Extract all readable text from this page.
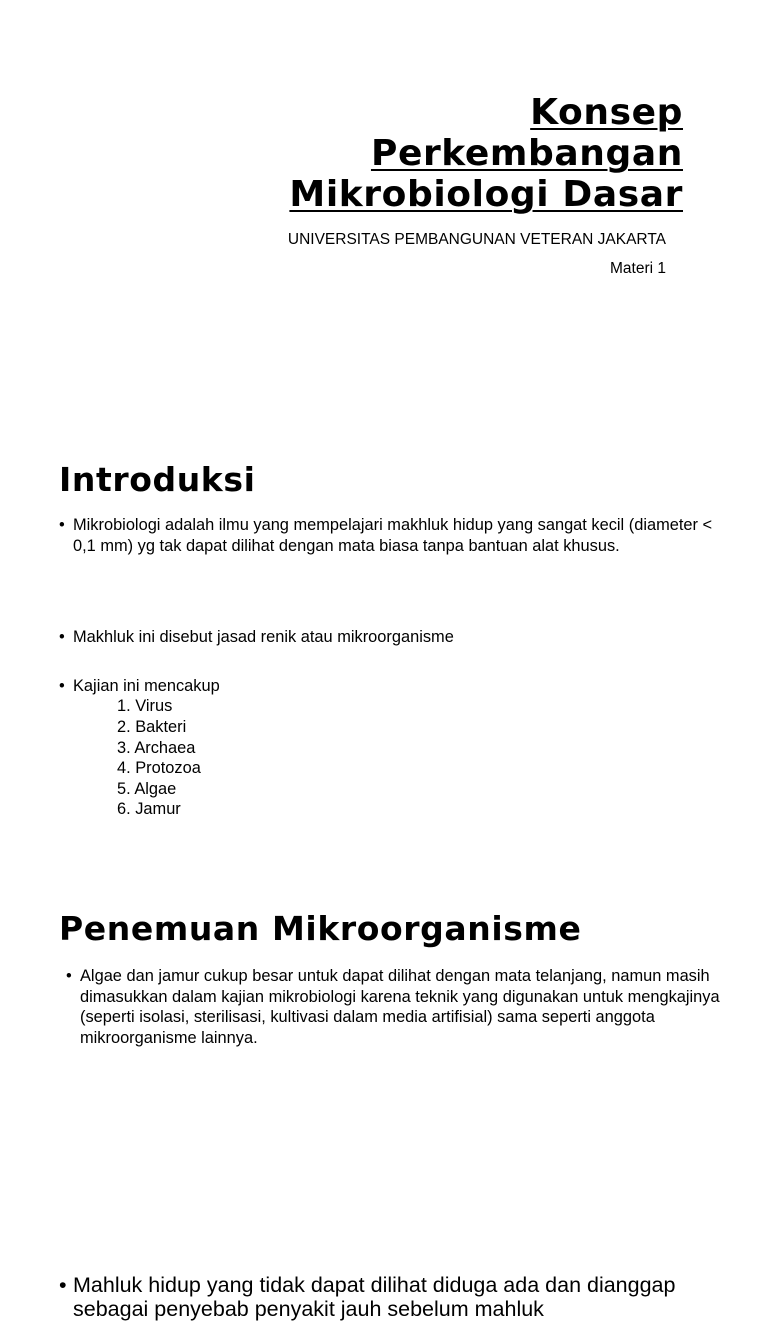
Konsep
Perkembangan
Mikrobiologi Dasar
UNIVERSITAS PEMBANGUNAN VETERAN JAKARTA
Materi 1
Introduksi
• Mikrobiologi adalah ilmu yang mempelajari makhluk hidup yang sangat kecil (diameter < 0,1 mm) yg tak dapat dilihat dengan mata biasa tanpa bantuan alat khusus.
• Makhluk ini disebut jasad renik atau mikroorganisme
• Kajian ini mencakup
1. Virus
2. Bakteri
3. Archaea
4. Protozoa
5. Algae
6. Jamur
• Algae dan jamur cukup besar untuk dapat dilihat dengan mata telanjang, namun masih dimasukkan dalam kajian mikrobiologi karena teknik yang digunakan untuk mengkajinya (seperti isolasi, sterilisasi, kultivasi dalam media artifisial) sama seperti anggota mikroorganisme lainnya.
Penemuan Mikroorganisme
• Mahluk hidup yang tidak dapat dilihat diduga ada dan dianggap sebagai penyebab penyakit jauh sebelum mahluk
